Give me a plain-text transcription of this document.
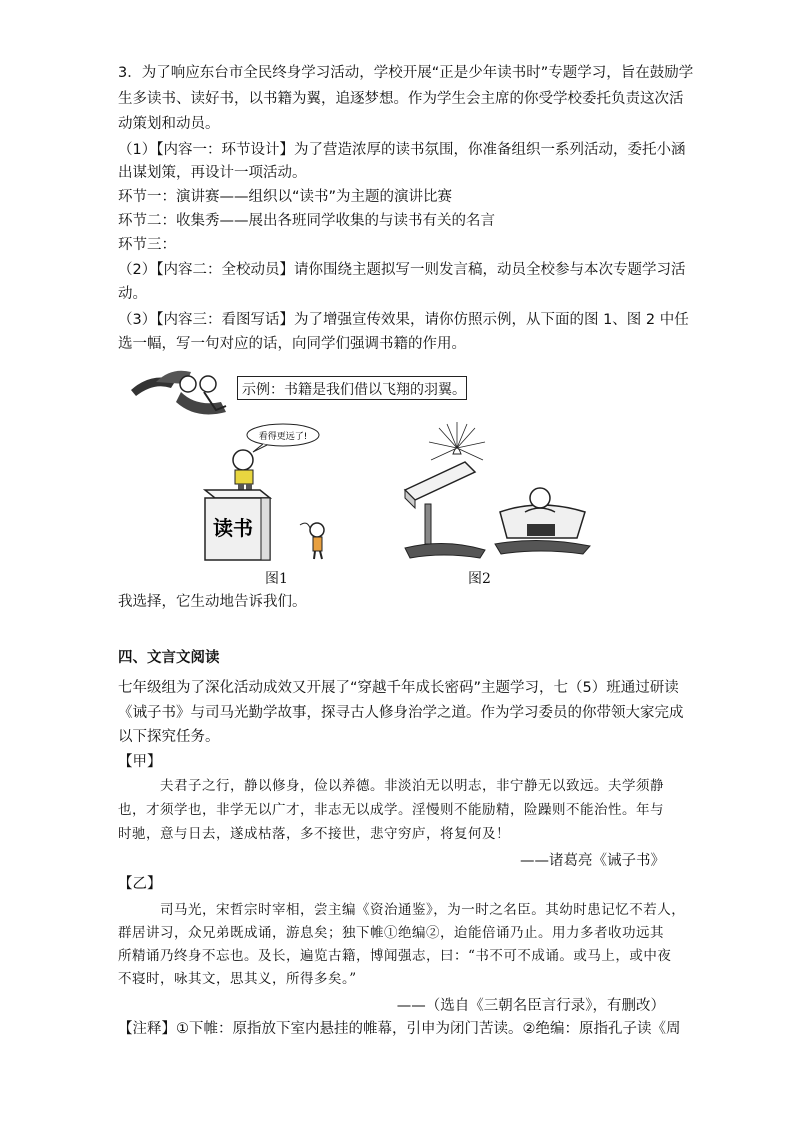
3．为了响应东台市全民终身学习活动，学校开展“正是少年读书时”专题学习，旨在鼓励学
生多读书、读好书，以书籍为翼，追逐梦想。作为学生会主席的你受学校委托负责这次活
动策划和动员。
（1）【内容一：环节设计】为了营造浓厚的读书氛围，你准备组织一系列活动，委托小涵
出谋划策，再设计一项活动。
环节一：演讲赛——组织以“读书”为主题的演讲比赛
环节二：收集秀——展出各班同学收集的与读书有关的名言
环节三：
（2）【内容二：全校动员】请你围绕主题拟写一则发言稿，动员全校参与本次专题学习活
动。
（3）【内容三：看图写话】为了增强宣传效果，请你仿照示例，从下面的图 1、图 2 中任
选一幅，写一句对应的话，向同学们强调书籍的作用。
示例：书籍是我们借以飞翔的羽翼。
看得更远了!
读书
图1	图2
我选择，它生动地告诉我们。
四、文言文阅读
七年级组为了深化活动成效又开展了“穿越千年成长密码”主题学习，七（5）班通过研读
《诫子书》与司马光勤学故事，探寻古人修身治学之道。作为学习委员的你带领大家完成
以下探究任务。
【甲】
夫君子之行，静以修身，俭以养德。非淡泊无以明志，非宁静无以致远。夫学须静
也，才须学也，非学无以广才，非志无以成学。淫慢则不能励精，险躁则不能治性。年与
时驰，意与日去，遂成枯落，多不接世，悲守穷庐，将复何及！
——诸葛亮《诫子书》
【乙】
司马光，宋哲宗时宰相，尝主编《资治通鉴》，为一时之名臣。其幼时患记忆不若人，
群居讲习，众兄弟既成诵，游息矣；独下帷①绝编②，迨能倍诵乃止。用力多者收功远其
所精诵乃终身不忘也。及长，遍览古籍，博闻强志，曰：“书不可不成诵。或马上，或中夜
不寝时，咏其文，思其义，所得多矣。”
——（选自《三朝名臣言行录》，有删改）
【注释】①下帷：原指放下室内悬挂的帷幕，引申为闭门苦读。②绝编：原指孔子读《周
